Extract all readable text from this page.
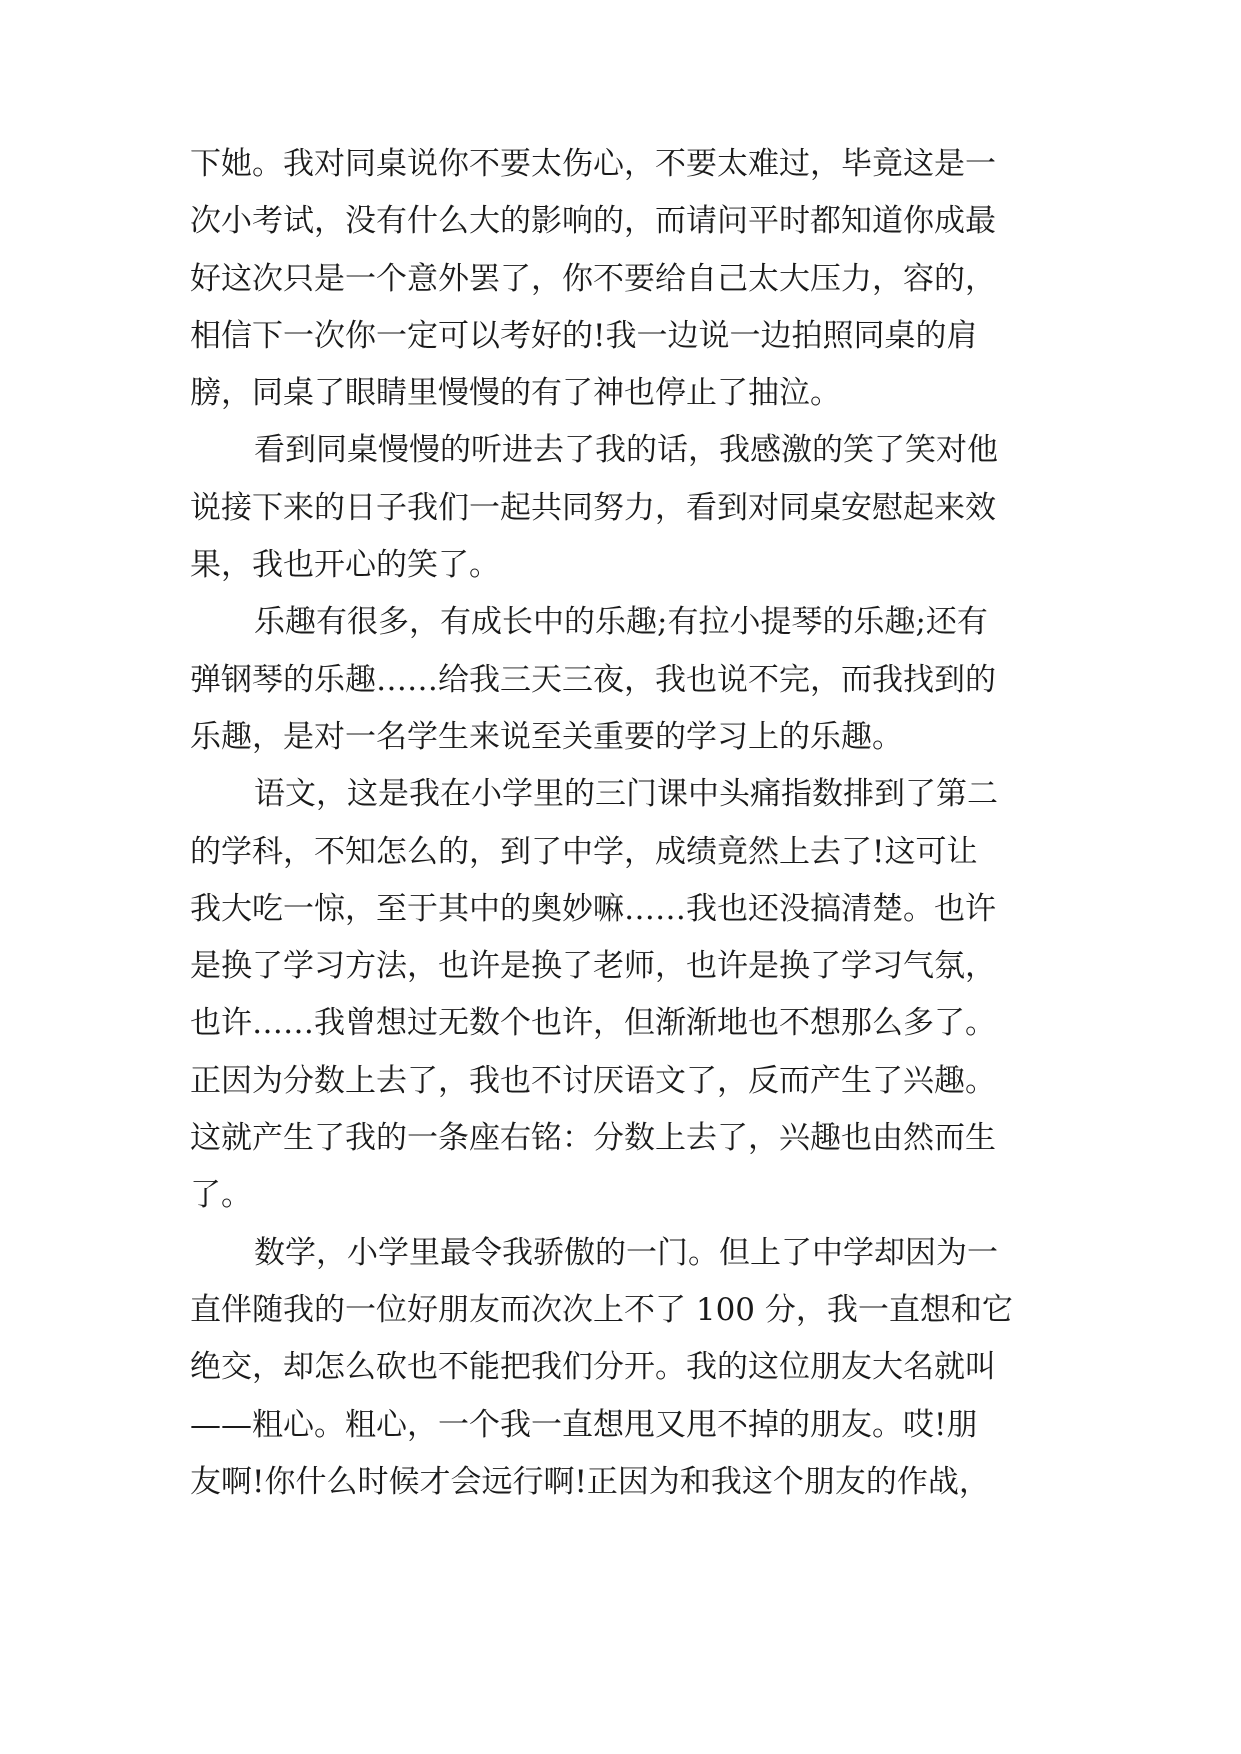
下她。我对同桌说你不要太伤心，不要太难过，毕竟这是一
次小考试，没有什么大的影响的，而请问平时都知道你成最
好这次只是一个意外罢了，你不要给自己太大压力，容的，
相信下一次你一定可以考好的!我一边说一边拍照同桌的肩
膀，同桌了眼睛里慢慢的有了神也停止了抽泣。
看到同桌慢慢的听进去了我的话，我感激的笑了笑对他
说接下来的日子我们一起共同努力，看到对同桌安慰起来效
果，我也开心的笑了。
乐趣有很多，有成长中的乐趣;有拉小提琴的乐趣;还有
弹钢琴的乐趣……给我三天三夜，我也说不完，而我找到的
乐趣，是对一名学生来说至关重要的学习上的乐趣。
语文，这是我在小学里的三门课中头痛指数排到了第二
的学科，不知怎么的，到了中学，成绩竟然上去了!这可让
我大吃一惊，至于其中的奥妙嘛……我也还没搞清楚。也许
是换了学习方法，也许是换了老师，也许是换了学习气氛，
也许……我曾想过无数个也许，但渐渐地也不想那么多了。
正因为分数上去了，我也不讨厌语文了，反而产生了兴趣。
这就产生了我的一条座右铭：分数上去了，兴趣也由然而生
了。
数学，小学里最令我骄傲的一门。但上了中学却因为一
直伴随我的一位好朋友而次次上不了 100 分，我一直想和它
绝交，却怎么砍也不能把我们分开。我的这位朋友大名就叫
——粗心。粗心，一个我一直想甩又甩不掉的朋友。哎!朋
友啊!你什么时候才会远行啊!正因为和我这个朋友的作战，
